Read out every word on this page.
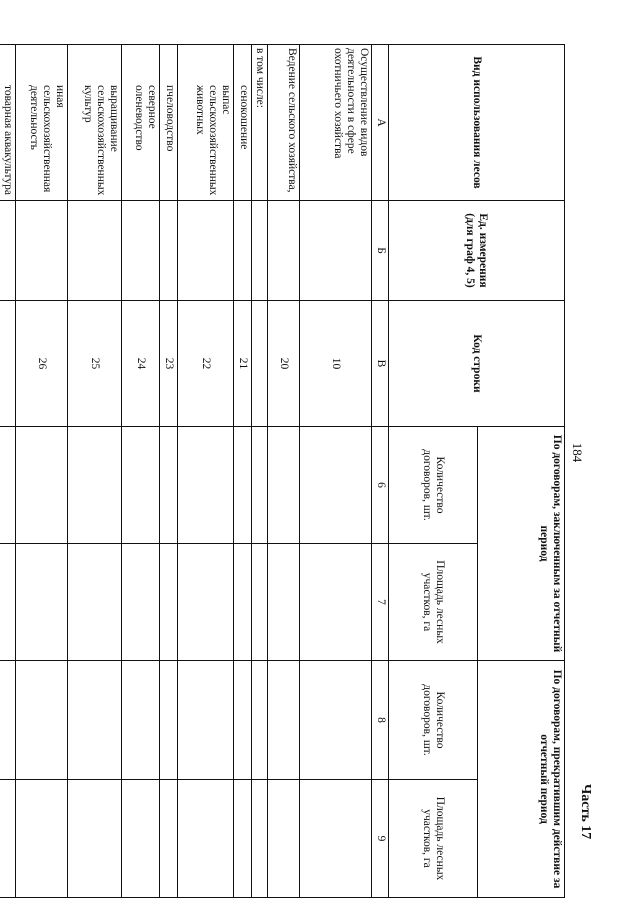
184
Часть 17
Вид использования лесов	Ед. измерения (для граф 4, 5)	Код строки	По договорам, заключенным за отчетный период		По договорам, прекратившим действие за отчетный период	
			Количество договоров, шт.	Площадь лесных участков, га	Количество договоров, шт.	Площадь лесных участков, га
А	Б	В	6	7	8	9
Осуществление видов деятельности в сфере охотничьего хозяйства		10				
Ведение сельского хозяйства,		20				
в том числе:						
сенокошение		21				
выпас сельскохозяйственных животных		22				
пчеловодство		23				
северное оленеводство		24				
выращивание сельскохозяйственных культур		25				
иная сельскохозяйственная деятельность		26				
товарная аквакультура						
